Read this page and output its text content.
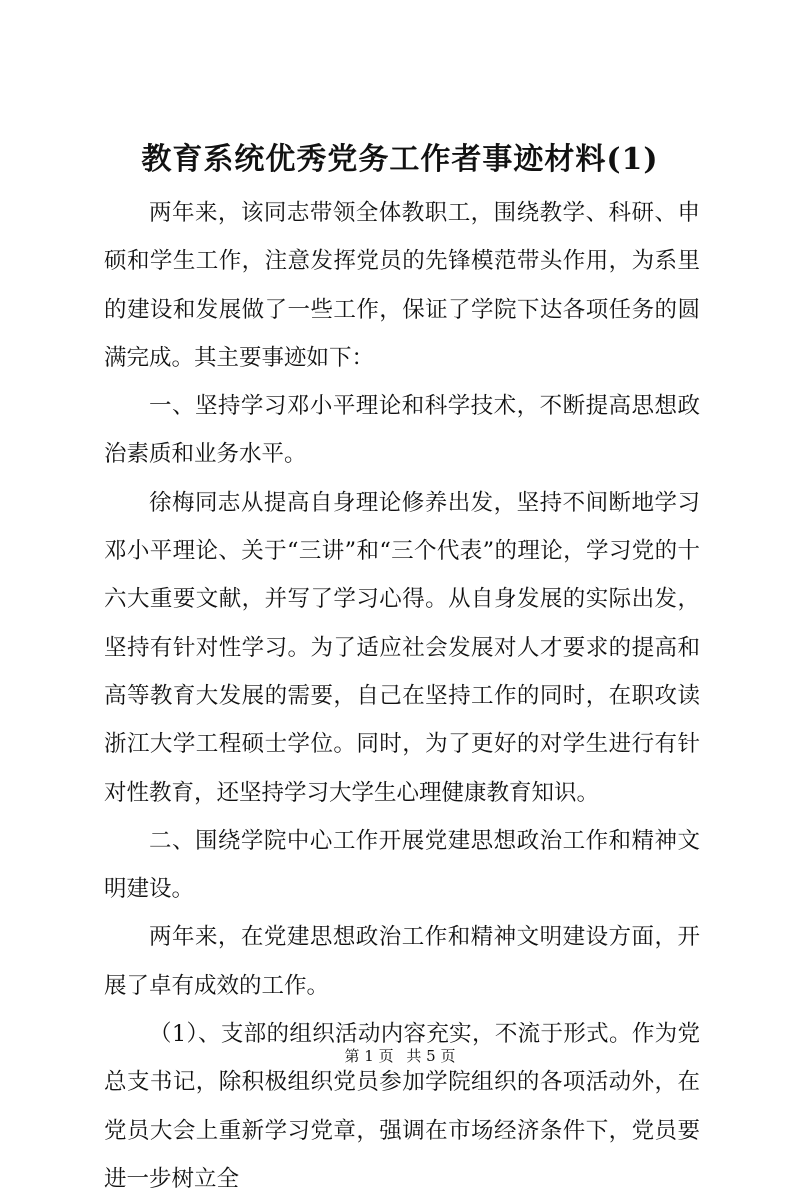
教育系统优秀党务工作者事迹材料(1)

两年来，该同志带领全体教职工，围绕教学、科研、申硕和学生工作，注意发挥党员的先锋模范带头作用，为系里的建设和发展做了一些工作，保证了学院下达各项任务的圆满完成。其主要事迹如下：

一、坚持学习邓小平理论和科学技术，不断提高思想政治素质和业务水平。

徐梅同志从提高自身理论修养出发，坚持不间断地学习邓小平理论、关于“三讲”和“三个代表”的理论，学习党的十六大重要文献，并写了学习心得。从自身发展的实际出发，坚持有针对性学习。为了适应社会发展对人才要求的提高和高等教育大发展的需要，自己在坚持工作的同时，在职攻读浙江大学工程硕士学位。同时，为了更好的对学生进行有针对性教育，还坚持学习大学生心理健康教育知识。

二、围绕学院中心工作开展党建思想政治工作和精神文明建设。

两年来，在党建思想政治工作和精神文明建设方面，开展了卓有成效的工作。

（1）、支部的组织活动内容充实，不流于形式。作为党总支书记，除积极组织党员参加学院组织的各项活动外，在党员大会上重新学习党章，强调在市场经济条件下，党员要进一步树立全

第 1 页 共 5 页
